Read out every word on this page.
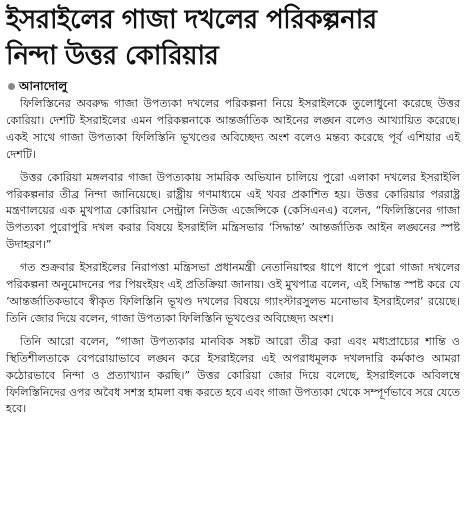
ইসরাইলের গাজা দখলের পরিকল্পনার
নিন্দা উত্তর কোরিয়ার
আনাদোলু

ফিলিস্তিনের অবরুদ্ধ গাজা উপত্যকা দখলের পরিকল্পনা নিয়ে ইসরাইলকে তুলোধুনো করেছে উত্তর কোরিয়া। দেশটি ইসরাইলের এমন পরিকল্পনাকে আন্তর্জাতিক আইনের লঙ্ঘন বলেও আখ্যায়িত করেছে। একই সাথে গাজা উপত্যকা ফিলিস্তিনি ভূখণ্ডের অবিচ্ছেদ্য অংশ বলেও মন্তব্য করেছে পূর্ব এশিয়ার এই দেশটি।

উত্তর কোরিয়া মঙ্গলবার গাজা উপত্যকায় সামরিক অভিযান চালিয়ে পুরো এলাকা দখলের ইসরাইলি পরিকল্পনার তীব্র নিন্দা জানিয়েছে। রাষ্ট্রীয় গণমাধ্যমে এই খবর প্রকাশিত হয়। উত্তর কোরিয়ার পররাষ্ট্র মন্ত্রণালয়ের এক মুখপাত্র কোরিয়ান সেন্ট্রাল নিউজ এজেন্সিকে (কেসিএনএ) বলেন, “ফিলিস্তিনের গাজা উপত্যকা পুরোপুরি দখল করার বিষয়ে ইসরাইলি মন্ত্রিসভার ‘সিদ্ধান্ত’ আন্তর্জাতিক আইন লঙ্ঘনের স্পষ্ট উদাহরণ।”

গত শুক্রবার ইসরাইলের নিরাপত্তা মন্ত্রিসভা প্রধানমন্ত্রী নেতানিয়াহুর ধাপে ধাপে পুরো গাজা দখলের পরিকল্পনা অনুমোদনের পর পিয়ংইয়ং এই প্রতিক্রিয়া জানায়। ওই মুখপাত্র বলেন, এই সিদ্ধান্ত স্পষ্ট করে যে ‘আন্তর্জাতিকভাবে স্বীকৃত ফিলিস্তিনি ভূখণ্ড দখলের বিষয়ে গ্যাংস্টারসুলভ মনোভাব ইসরাইলের’ রয়েছে। তিনি জোর দিয়ে বলেন, গাজা উপত্যকা ফিলিস্তিনি ভূখণ্ডের অবিচ্ছেদ্য অংশ।

তিনি আরো বলেন, “গাজা উপত্যকার মানবিক সঙ্কট আরো তীব্র করা এবং মধ্যপ্রাচ্যের শান্তি ও স্থিতিশীলতাকে বেপরোয়াভাবে লঙ্ঘন করে ইসরাইলের এই অপরাধমূলক দখলদারি কর্মকাণ্ড আমরা কঠোরভাবে নিন্দা ও প্রত্যাখ্যান করছি।” উত্তর কোরিয়া জোর দিয়ে বলেছে, ইসরাইলকে অবিলম্বে ফিলিস্তিনিদের ওপর অবৈধ সশস্ত্র হামলা বন্ধ করতে হবে এবং গাজা উপত্যকা থেকে সম্পূর্ণভাবে সরে যেতে হবে।
